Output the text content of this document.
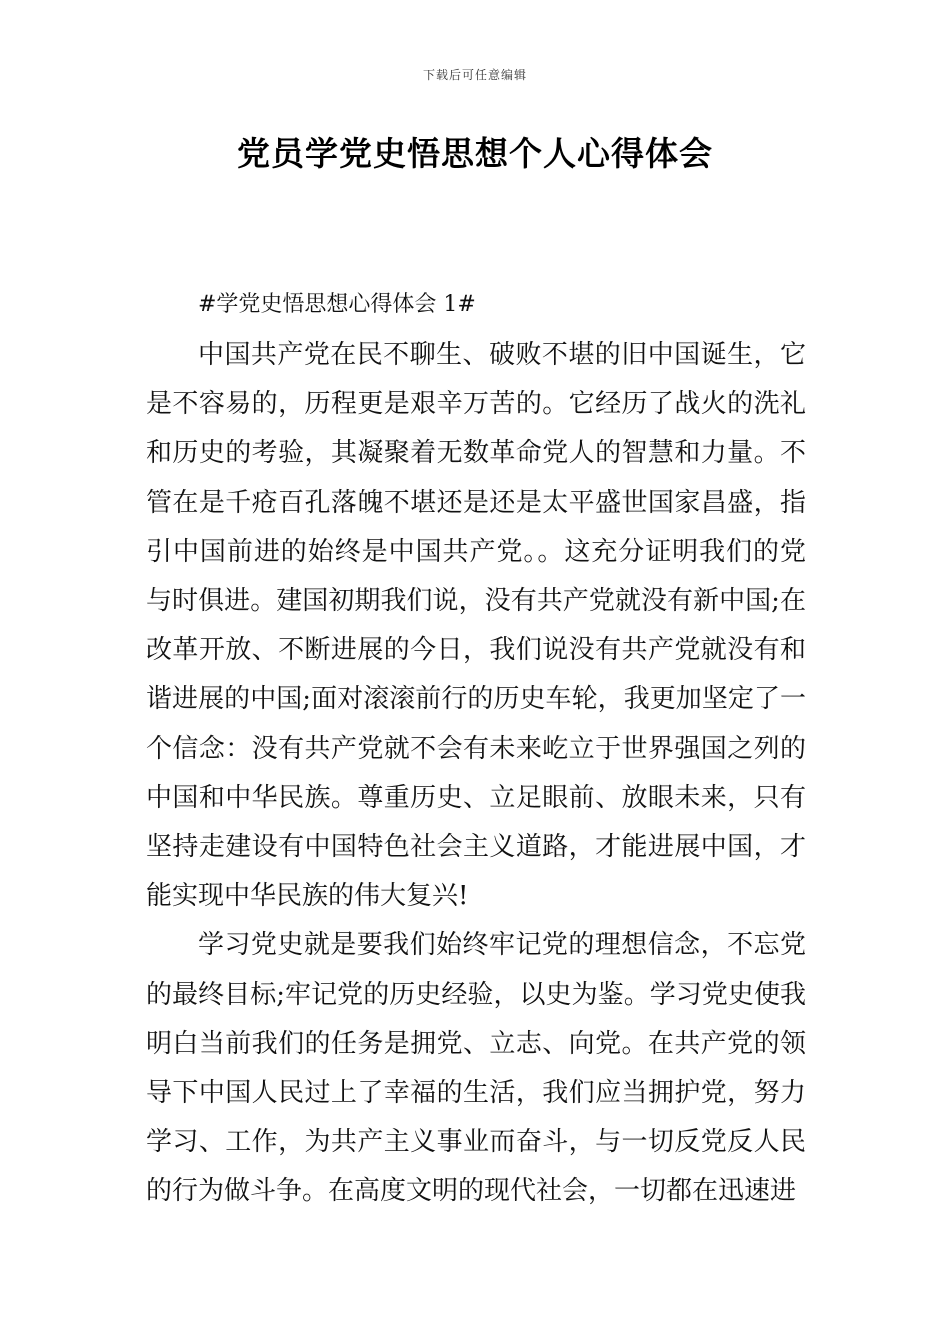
下载后可任意编辑
党员学党史悟思想个人心得体会

#学党史悟思想心得体会 1#

中国共产党在民不聊生、破败不堪的旧中国诞生，它是不容易的，历程更是艰辛万苦的。它经历了战火的洗礼和历史的考验，其凝聚着无数革命党人的智慧和力量。不管在是千疮百孔落魄不堪还是还是太平盛世国家昌盛，指引中国前进的始终是中国共产党。。这充分证明我们的党与时俱进。建国初期我们说，没有共产党就没有新中国;在改革开放、不断进展的今日，我们说没有共产党就没有和谐进展的中国;面对滚滚前行的历史车轮，我更加坚定了一个信念：没有共产党就不会有未来屹立于世界强国之列的中国和中华民族。尊重历史、立足眼前、放眼未来，只有坚持走建设有中国特色社会主义道路，才能进展中国，才能实现中华民族的伟大复兴!

学习党史就是要我们始终牢记党的理想信念，不忘党的最终目标;牢记党的历史经验，以史为鉴。学习党史使我明白当前我们的任务是拥党、立志、向党。在共产党的领导下中国人民过上了幸福的生活，我们应当拥护党，努力学习、工作，为共产主义事业而奋斗，与一切反党反人民的行为做斗争。在高度文明的现代社会，一切都在迅速进
